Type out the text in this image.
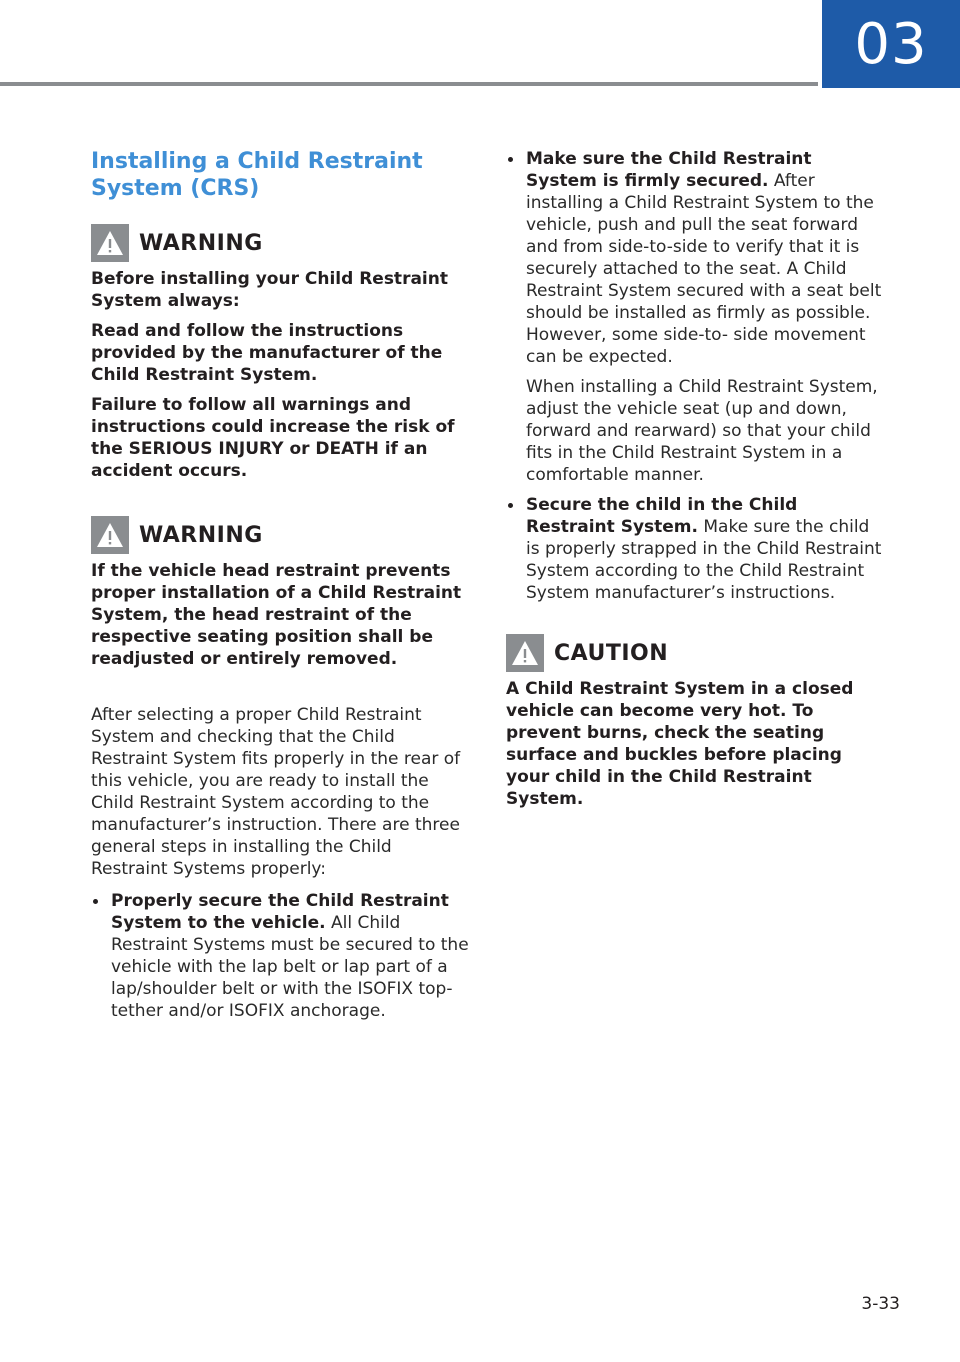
03
Installing a Child Restraint System (CRS)
WARNING

Before installing your Child Restraint System always:

Read and follow the instructions provided by the manufacturer of the Child Restraint System.

Failure to follow all warnings and instructions could increase the risk of the SERIOUS INJURY or DEATH if an accident occurs.

WARNING

If the vehicle head restraint prevents proper installation of a Child Restraint System, the head restraint of the respective seating position shall be readjusted or entirely removed.

After selecting a proper Child Restraint System and checking that the Child Restraint System fits properly in the rear of this vehicle, you are ready to install the Child Restraint System according to the manufacturer’s instruction. There are three general steps in installing the Child Restraint Systems properly:

Properly secure the Child Restraint System to the vehicle. All Child Restraint Systems must be secured to the vehicle with the lap belt or lap part of a lap/shoulder belt or with the ISOFIX top-tether and/or ISOFIX anchorage.
Make sure the Child Restraint System is firmly secured. After installing a Child Restraint System to the vehicle, push and pull the seat forward and from side-to-side to verify that it is securely attached to the seat. A Child Restraint System secured with a seat belt should be installed as firmly as possible. However, some side-to- side movement can be expected.

When installing a Child Restraint System, adjust the vehicle seat (up and down, forward and rearward) so that your child fits in the Child Restraint System in a comfortable manner.

Secure the child in the Child Restraint System. Make sure the child is properly strapped in the Child Restraint System according to the Child Restraint System manufacturer’s instructions.
CAUTION

A Child Restraint System in a closed vehicle can become very hot. To prevent burns, check the seating surface and buckles before placing your child in the Child Restraint System.

3-33
